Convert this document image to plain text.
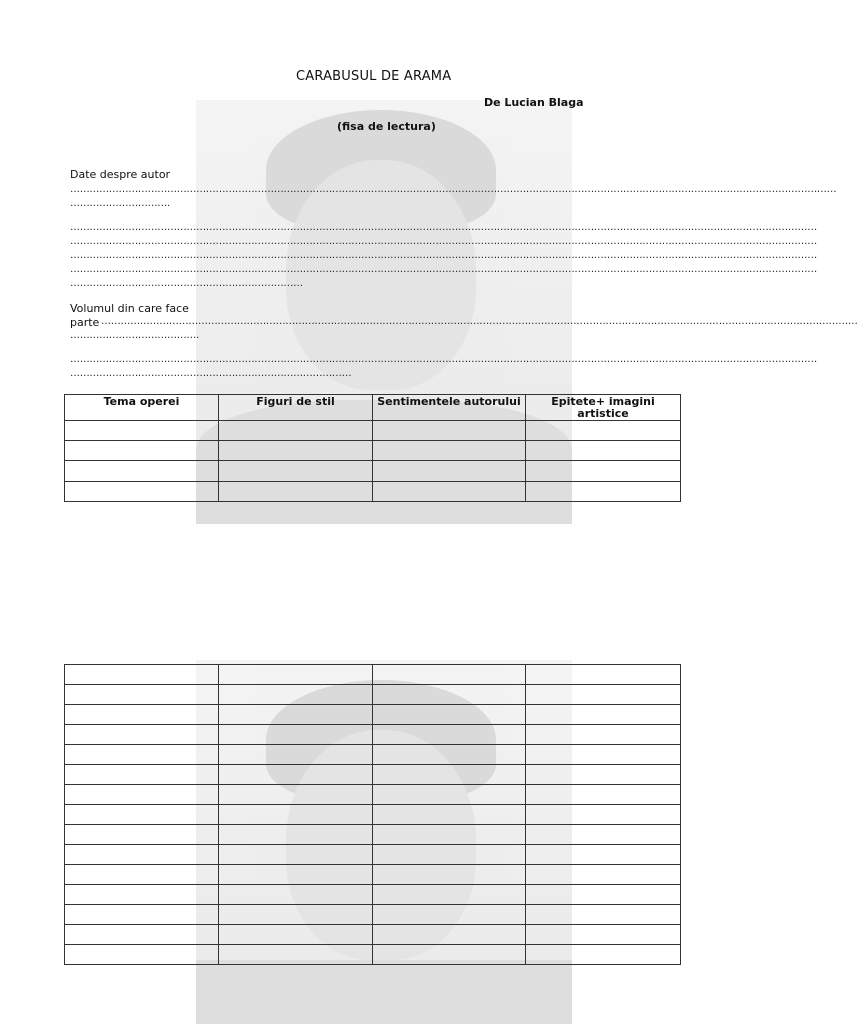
CARABUSUL DE ARAMA
De Lucian Blaga
(fisa de lectura)
Date despre autor
…………………………………………………………………………………………………………………………………………………………………………………………………………………
………………………….
……………………………………………………………………………………………………………………………………………………………………………………………………………
……………………………………………………………………………………………………………………………………………………………………………………………………………
……………………………………………………………………………………………………………………………………………………………………………………………………………
……………………………………………………………………………………………………………………………………………………………………………………………………………
………………………………………………………………
Volumul din care face
parte ………………………………………………………………………………………………………………………………………………………………………………………………………………
………………………………….
……………………………………………………………………………………………………………………………………………………………………………………………………………
……………………………………………………………………………
Tema operei	Figuri de stil	Sentimentele autorului	Epitete+ imagini
artistice
